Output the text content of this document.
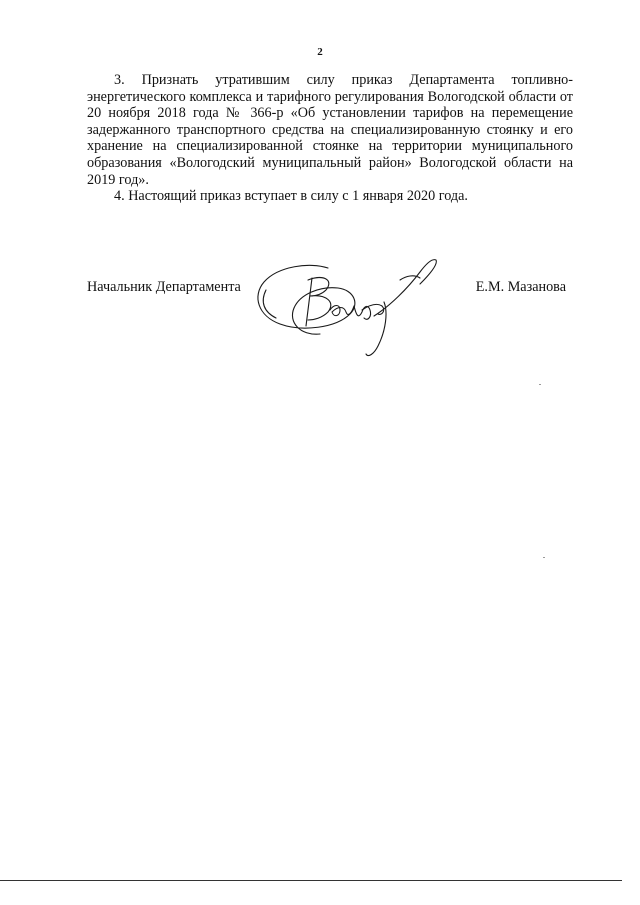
2

3. Признать утратившим силу приказ Департамента топливно-энергетического комплекса и тарифного регулирования Вологодской области от 20 ноября 2018 года № 366-р «Об установлении тарифов на перемещение задержанного транспортного средства на специализированную стоянку и его хранение на специализированной стоянке на территории муниципального образования «Вологодский муниципальный район» Вологодской области на 2019 год».

4. Настоящий приказ вступает в силу с 1 января 2020 года.

Начальник Департамента	Е.М. Мазанова
